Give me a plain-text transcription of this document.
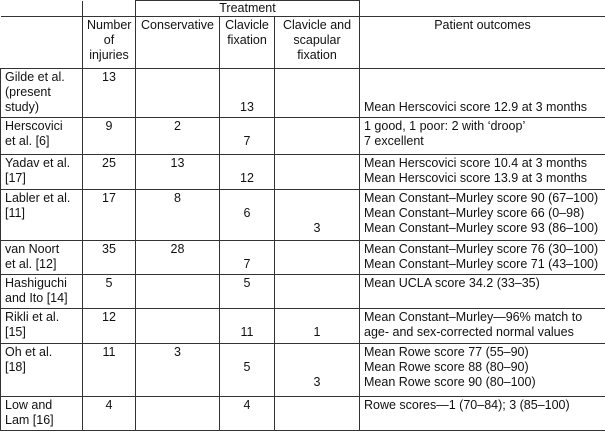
		Treatment			

	Number
of
injuries	Conservative	Clavicle
fixation	Clavicle and
scapular
fixation	Patient outcomes

Gilde et al.
(present
study)	13		13		Mean Herscovici score 12.9 at 3 months

Herscovici
et al. [6]	9	2	7		1 good, 1 poor: 2 with ‘droop’
7 excellent

Yadav et al.
[17]	25	13	12		Mean Herscovici score 10.4 at 3 months
Mean Herscovici score 13.9 at 3 months

Labler et al.
[11]	17	8	6	3	Mean Constant–Murley score 90 (67–100)
Mean Constant–Murley score 66 (0–98)
Mean Constant–Murley score 93 (86–100)

van Noort
et al. [12]	35	28	7		Mean Constant–Murley score 76 (30–100)
Mean Constant–Murley score 71 (43–100)

Hashiguchi
and Ito [14]	5		5		Mean UCLA score 34.2 (33–35)

Rikli et al.
[15]	12		11	1	Mean Constant–Murley—96% match to
age- and sex-corrected normal values

Oh et al.
[18]	11	3	5	3	Mean Rowe score 77 (55–90)
Mean Rowe score 88 (80–90)
Mean Rowe score 90 (80–100)

Low and
Lam [16]	4		4		Rowe scores—1 (70–84); 3 (85–100)
